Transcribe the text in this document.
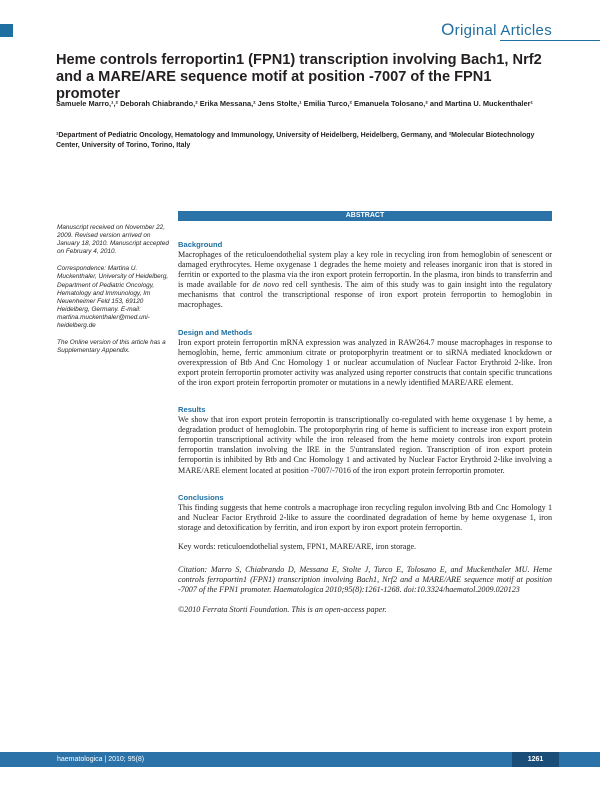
Original Articles
Heme controls ferroportin1 (FPN1) transcription involving Bach1, Nrf2 and a MARE/ARE sequence motif at position -7007 of the FPN1 promoter
Samuele Marro,¹,² Deborah Chiabrando,² Erika Messana,² Jens Stolte,¹ Emilia Turco,² Emanuela Tolosano,² and Martina U. Muckenthaler¹
¹Department of Pediatric Oncology, Hematology and Immunology, University of Heidelberg, Heidelberg, Germany, and ²Molecular Biotechnology Center, University of Torino, Torino, Italy

Manuscript received on November 22, 2009. Revised version arrived on January 18, 2010. Manuscript accepted on February 4, 2010.

Correspondence: Martina U. Muckenthaler, University of Heidelberg, Department of Pediatric Oncology, Hematology and Immunology, Im Neuenheimer Feld 153, 69120 Heidelberg, Germany. E-mail: martina.muckenthaler@med.uni-heidelberg.de

The Online version of this article has a Supplementary Appendix.

ABSTRACT
Background
Macrophages of the reticuloendothelial system play a key role in recycling iron from hemoglobin of senescent or damaged erythrocytes. Heme oxygenase 1 degrades the heme moiety and releases inorganic iron that is stored in ferritin or exported to the plasma via the iron export protein ferroportin. In the plasma, iron binds to transferrin and is made available for de novo red cell synthesis. The aim of this study was to gain insight into the regulatory mechanisms that control the transcriptional response of iron export protein ferroportin to hemoglobin in macrophages.
Design and Methods
Iron export protein ferroportin mRNA expression was analyzed in RAW264.7 mouse macrophages in response to hemoglobin, heme, ferric ammonium citrate or protoporphyrin treatment or to siRNA mediated knockdown or overexpression of Btb And Cnc Homology 1 or nuclear accumulation of Nuclear Factor Erythroid 2-like. Iron export protein ferroportin promoter activity was analyzed using reporter constructs that contain specific truncations of the iron export protein ferroportin promoter or mutations in a newly identified MARE/ARE element.
Results
We show that iron export protein ferroportin is transcriptionally co-regulated with heme oxygenase 1 by heme, a degradation product of hemoglobin. The protoporphyrin ring of heme is sufficient to increase iron export protein ferroportin transcriptional activity while the iron released from the heme moiety controls iron export protein ferroportin translation involving the IRE in the 5'untranslated region. Transcription of iron export protein ferroportin is inhibited by Btb and Cnc Homology 1 and activated by Nuclear Factor Erythroid 2-like involving a MARE/ARE element located at position -7007/-7016 of the iron export protein ferroportin promoter.
Conclusions
This finding suggests that heme controls a macrophage iron recycling regulon involving Btb and Cnc Homology 1 and Nuclear Factor Erythroid 2-like to assure the coordinated degradation of heme by heme oxygenase 1, iron storage and detoxification by ferritin, and iron export by iron export protein ferroportin.
Key words: reticuloendothelial system, FPN1, MARE/ARE, iron storage.
Citation: Marro S, Chiabrando D, Messana E, Stolte J, Turco E, Tolosano E, and Muckenthaler MU. Heme controls ferroportin1 (FPN1) transcription involving Bach1, Nrf2 and a MARE/ARE sequence motif at position -7007 of the FPN1 promoter. Haematologica 2010;95(8):1261-1268. doi:10.3324/haematol.2009.020123
©2010 Ferrata Storti Foundation. This is an open-access paper.
haematologica | 2010; 95(8)	1261
